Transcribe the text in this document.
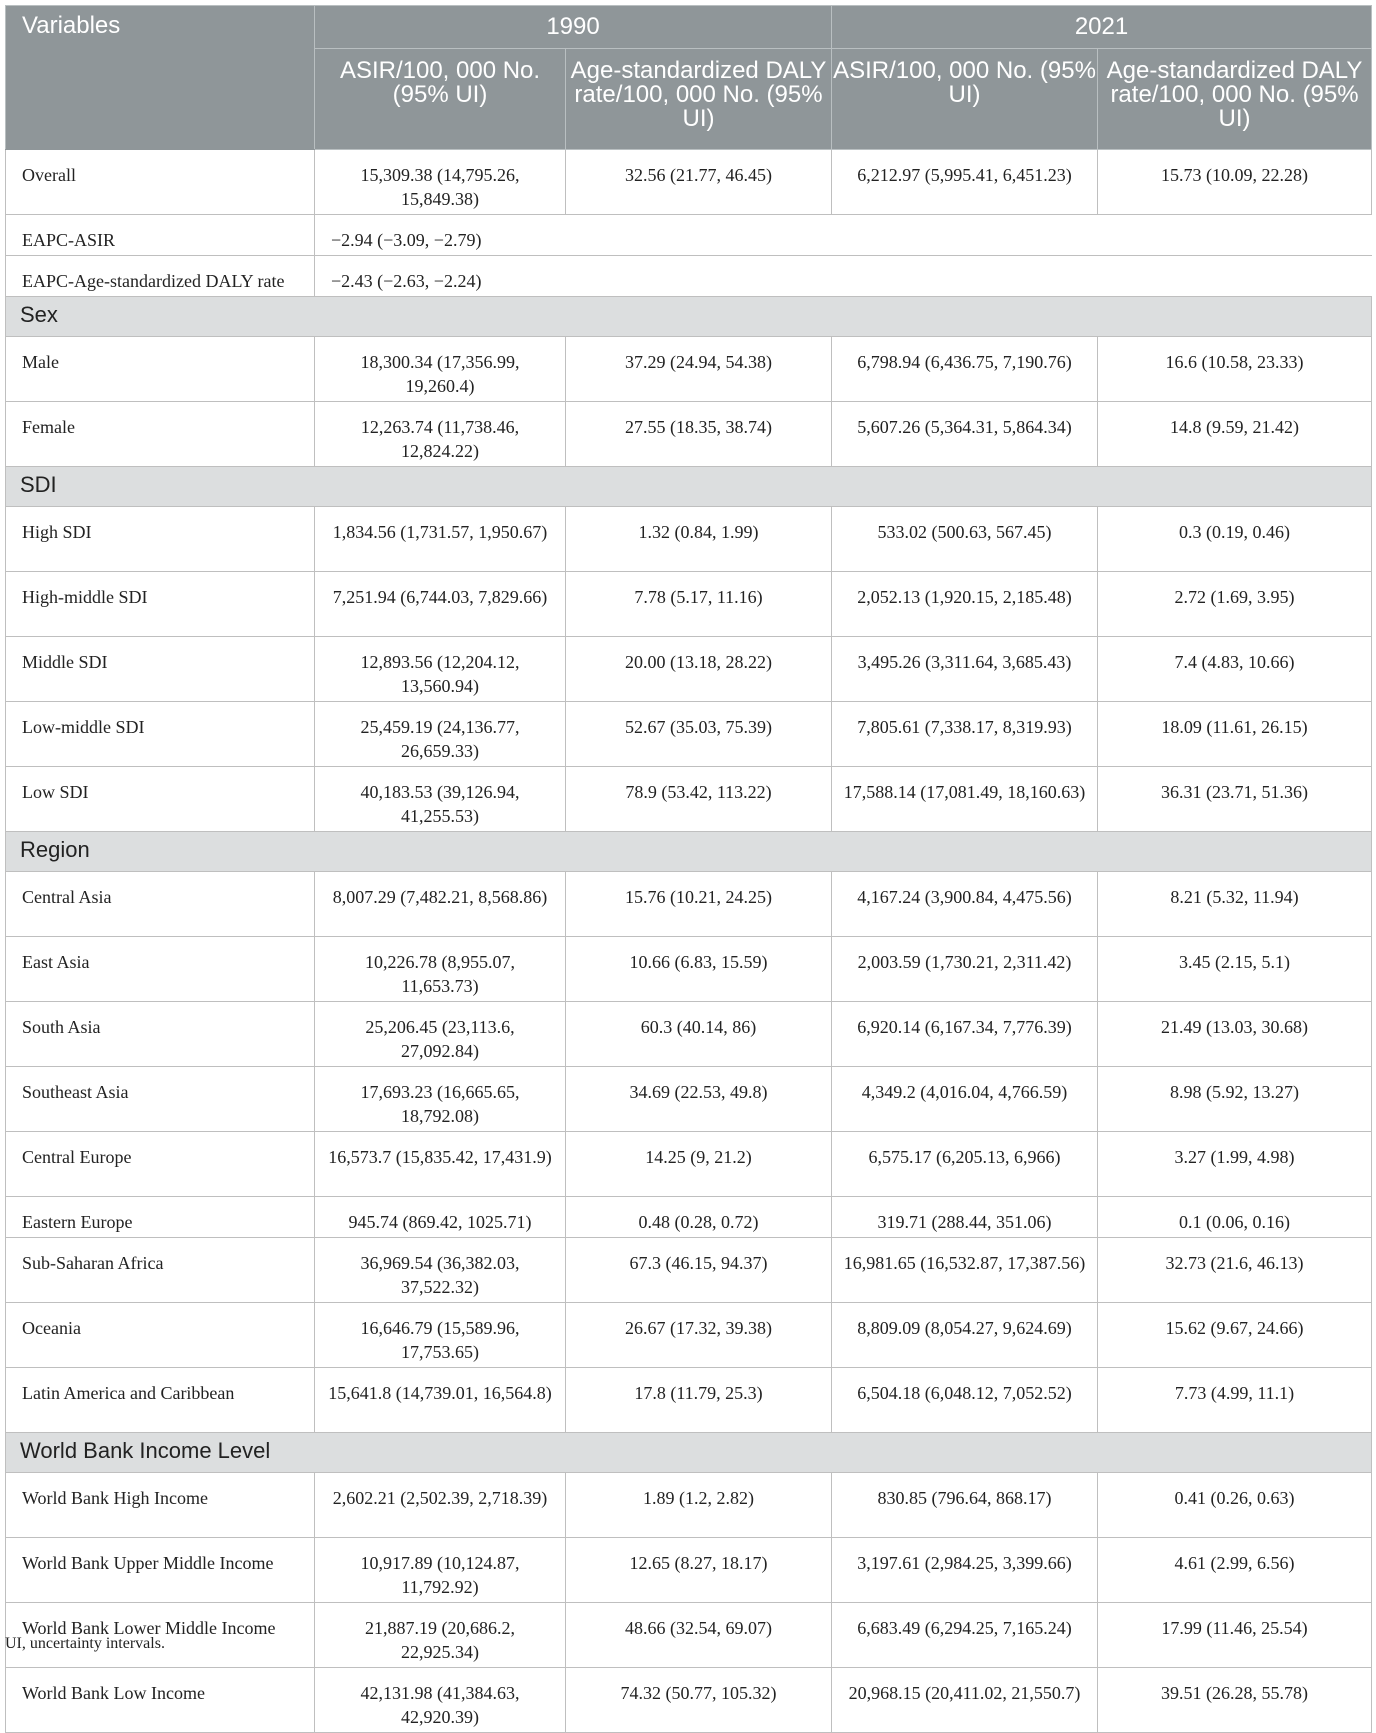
Variables	1990		2021	
	ASIR/100, 000 No. (95% UI)	Age-standardized DALY rate/100, 000 No. (95% UI)	ASIR/100, 000 No. (95% UI)	Age-standardized DALY rate/100, 000 No. (95% UI)
Overall	15,309.38 (14,795.26, 15,849.38)	32.56 (21.77, 46.45)	6,212.97 (5,995.41, 6,451.23)	15.73 (10.09, 22.28)
EAPC-ASIR	−2.94 (−3.09, −2.79)			
EAPC-Age-standardized DALY rate	−2.43 (−2.63, −2.24)			
Sex				
Male	18,300.34 (17,356.99, 19,260.4)	37.29 (24.94, 54.38)	6,798.94 (6,436.75, 7,190.76)	16.6 (10.58, 23.33)
Female	12,263.74 (11,738.46, 12,824.22)	27.55 (18.35, 38.74)	5,607.26 (5,364.31, 5,864.34)	14.8 (9.59, 21.42)
SDI				
High SDI	1,834.56 (1,731.57, 1,950.67)	1.32 (0.84, 1.99)	533.02 (500.63, 567.45)	0.3 (0.19, 0.46)
High-middle SDI	7,251.94 (6,744.03, 7,829.66)	7.78 (5.17, 11.16)	2,052.13 (1,920.15, 2,185.48)	2.72 (1.69, 3.95)
Middle SDI	12,893.56 (12,204.12, 13,560.94)	20.00 (13.18, 28.22)	3,495.26 (3,311.64, 3,685.43)	7.4 (4.83, 10.66)
Low-middle SDI	25,459.19 (24,136.77, 26,659.33)	52.67 (35.03, 75.39)	7,805.61 (7,338.17, 8,319.93)	18.09 (11.61, 26.15)
Low SDI	40,183.53 (39,126.94, 41,255.53)	78.9 (53.42, 113.22)	17,588.14 (17,081.49, 18,160.63)	36.31 (23.71, 51.36)
Region				
Central Asia	8,007.29 (7,482.21, 8,568.86)	15.76 (10.21, 24.25)	4,167.24 (3,900.84, 4,475.56)	8.21 (5.32, 11.94)
East Asia	10,226.78 (8,955.07, 11,653.73)	10.66 (6.83, 15.59)	2,003.59 (1,730.21, 2,311.42)	3.45 (2.15, 5.1)
South Asia	25,206.45 (23,113.6, 27,092.84)	60.3 (40.14, 86)	6,920.14 (6,167.34, 7,776.39)	21.49 (13.03, 30.68)
Southeast Asia	17,693.23 (16,665.65, 18,792.08)	34.69 (22.53, 49.8)	4,349.2 (4,016.04, 4,766.59)	8.98 (5.92, 13.27)
Central Europe	16,573.7 (15,835.42, 17,431.9)	14.25 (9, 21.2)	6,575.17 (6,205.13, 6,966)	3.27 (1.99, 4.98)
Eastern Europe	945.74 (869.42, 1025.71)	0.48 (0.28, 0.72)	319.71 (288.44, 351.06)	0.1 (0.06, 0.16)
Sub-Saharan Africa	36,969.54 (36,382.03, 37,522.32)	67.3 (46.15, 94.37)	16,981.65 (16,532.87, 17,387.56)	32.73 (21.6, 46.13)
Oceania	16,646.79 (15,589.96, 17,753.65)	26.67 (17.32, 39.38)	8,809.09 (8,054.27, 9,624.69)	15.62 (9.67, 24.66)
Latin America and Caribbean	15,641.8 (14,739.01, 16,564.8)	17.8 (11.79, 25.3)	6,504.18 (6,048.12, 7,052.52)	7.73 (4.99, 11.1)
World Bank Income Level				
World Bank High Income	2,602.21 (2,502.39, 2,718.39)	1.89 (1.2, 2.82)	830.85 (796.64, 868.17)	0.41 (0.26, 0.63)
World Bank Upper Middle Income	10,917.89 (10,124.87, 11,792.92)	12.65 (8.27, 18.17)	3,197.61 (2,984.25, 3,399.66)	4.61 (2.99, 6.56)
World Bank Lower Middle Income	21,887.19 (20,686.2, 22,925.34)	48.66 (32.54, 69.07)	6,683.49 (6,294.25, 7,165.24)	17.99 (11.46, 25.54)
World Bank Low Income	42,131.98 (41,384.63, 42,920.39)	74.32 (50.77, 105.32)	20,968.15 (20,411.02, 21,550.7)	39.51 (26.28, 55.78)
UI, uncertainty intervals.
